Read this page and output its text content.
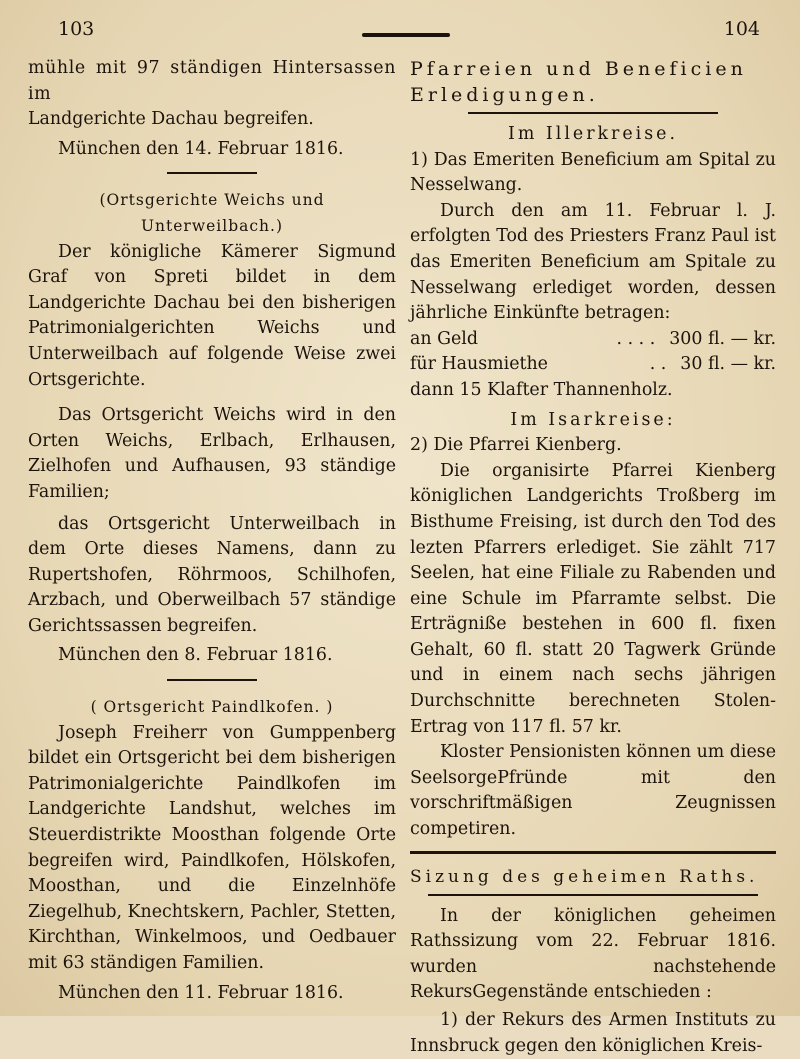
103	104

mühle mit 97 ständigen Hintersassen im

Landgerichte Dachau begreifen.

München den 14. Februar 1816.

(Ortsgerichte Weichs und Unterweilbach.)

Der königliche Kämerer Sigmund Graf von Spreti bildet in dem Landgerichte Dachau bei den bisherigen Patrimonialgerichten Weichs und Unterweilbach auf folgende Weise zwei Ortsgerichte.

Das Ortsgericht Weichs wird in den Orten Weichs, Erlbach, Erlhausen, Zielhofen und Aufhausen, 93 ständige Familien;

das Ortsgericht Unterweilbach in dem Orte dieses Namens, dann zu Rupertshofen, Röhrmoos, Schilhofen, Arzbach, und Oberweilbach 57 ständige Gerichtssassen begreifen.

München den 8. Februar 1816.

( Ortsgericht Paindlkofen. )

Joseph Freiherr von Gumppenberg bildet ein Ortsgericht bei dem bisherigen Patrimonialgerichte Paindlkofen im Landgerichte Landshut, welches im Steuerdistrikte Moosthan folgende Orte begreifen wird, Paindlkofen, Hölskofen, Moosthan, und die Einzelnhöfe Ziegelhub, Knechtskern, Pachler, Stetten, Kirchthan, Winkelmoos, und Oedbauer mit 63 ständigen Familien.

München den 11. Februar 1816.

Pfarreien und Beneficien

Erledigungen.

Im Illerkreise.

1) Das Emeriten Beneficium am Spital zu Nesselwang.

Durch den am 11. Februar l. J. erfolgten Tod des Priesters Franz Paul ist das Emeriten Beneficium am Spitale zu Nesselwang erlediget worden, dessen jährliche Einkünfte betragen:

an Geld	. . . . 300 fl. — kr.
für Hausmiethe	. . 30 fl. — kr.

dann 15 Klafter Thannenholz.

Im Isarkreise:

2) Die Pfarrei Kienberg.

Die organisirte Pfarrei Kienberg königlichen Landgerichts Troßberg im Bisthume Freising, ist durch den Tod des lezten Pfarrers erlediget. Sie zählt 717 Seelen, hat eine Filiale zu Rabenden und eine Schule im Pfarramte selbst. Die Erträgniße bestehen in 600 fl. fixen Gehalt, 60 fl. statt 20 Tagwerk Gründe und in einem nach sechs jährigen Durchschnitte berechneten Stolen-Ertrag von 117 fl. 57 kr.

Kloster Pensionisten können um diese SeelsorgePfründe mit den vorschriftmäßigen Zeugnissen competiren.

Sizung des geheimen Raths.

In der königlichen geheimen Rathssizung vom 22. Februar 1816. wurden nachstehende RekursGegenstände entschieden :

1) der Rekurs des Armen Instituts zu Innsbruck gegen den königlichen Kreis-
